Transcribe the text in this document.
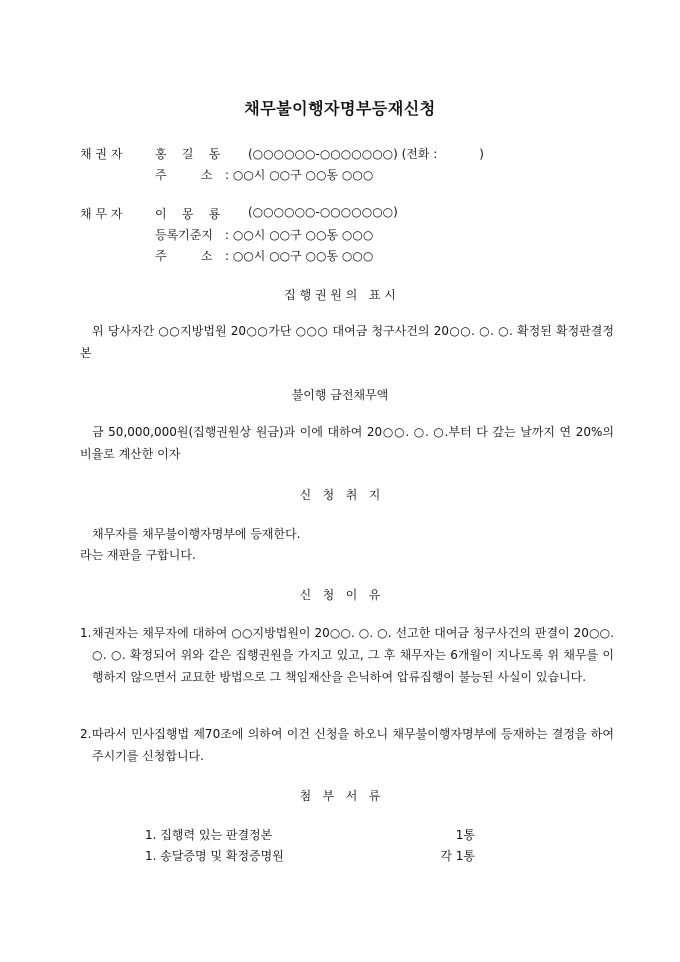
채무불이행자명부등재신청
채 권 자	홍    길    동 (○○○○○○-○○○○○○○) (전화 :           )
주         소 : ○○시 ○○구 ○○동 ○○○
채 무 자	이    몽    룡 (○○○○○○-○○○○○○○)
등록기준지 : ○○시 ○○구 ○○동 ○○○
주         소 : ○○시 ○○구 ○○동 ○○○
집 행 권 원 의   표 시
위 당사자간 ○○지방법원 20○○가단 ○○○ 대여금 청구사건의 20○○. ○. ○. 확정된 확정판결정본
불이행 금전채무액
금 50,000,000원(집행권원상 원금)과 이에 대하여 20○○. ○. ○.부터 다 갚는 날까지 연 20%의 비율로 계산한 이자
신   청   취   지
채무자를 채무불이행자명부에 등재한다.
라는 재판을 구합니다.
신   청   이   유
1. 채권자는 채무자에 대하여 ○○지방법원이 20○○. ○. ○. 선고한 대여금 청구사건의 판결이 20○○. ○. ○. 확정되어 위와 같은 집행권원을 가지고 있고, 그 후 채무자는 6개월이 지나도록 위 채무를 이행하지 않으면서 교묘한 방법으로 그 책임재산을 은닉하여 압류집행이 불능된 사실이 있습니다.
2. 따라서 민사집행법 제70조에 의하여 이건 신청을 하오니 채무불이행자명부에 등재하는 결정을 하여 주시기를 신청합니다.
첨   부   서   류
1. 집행력 있는 판결정본	1통
1. 송달증명 및 확정증명원	각 1통
